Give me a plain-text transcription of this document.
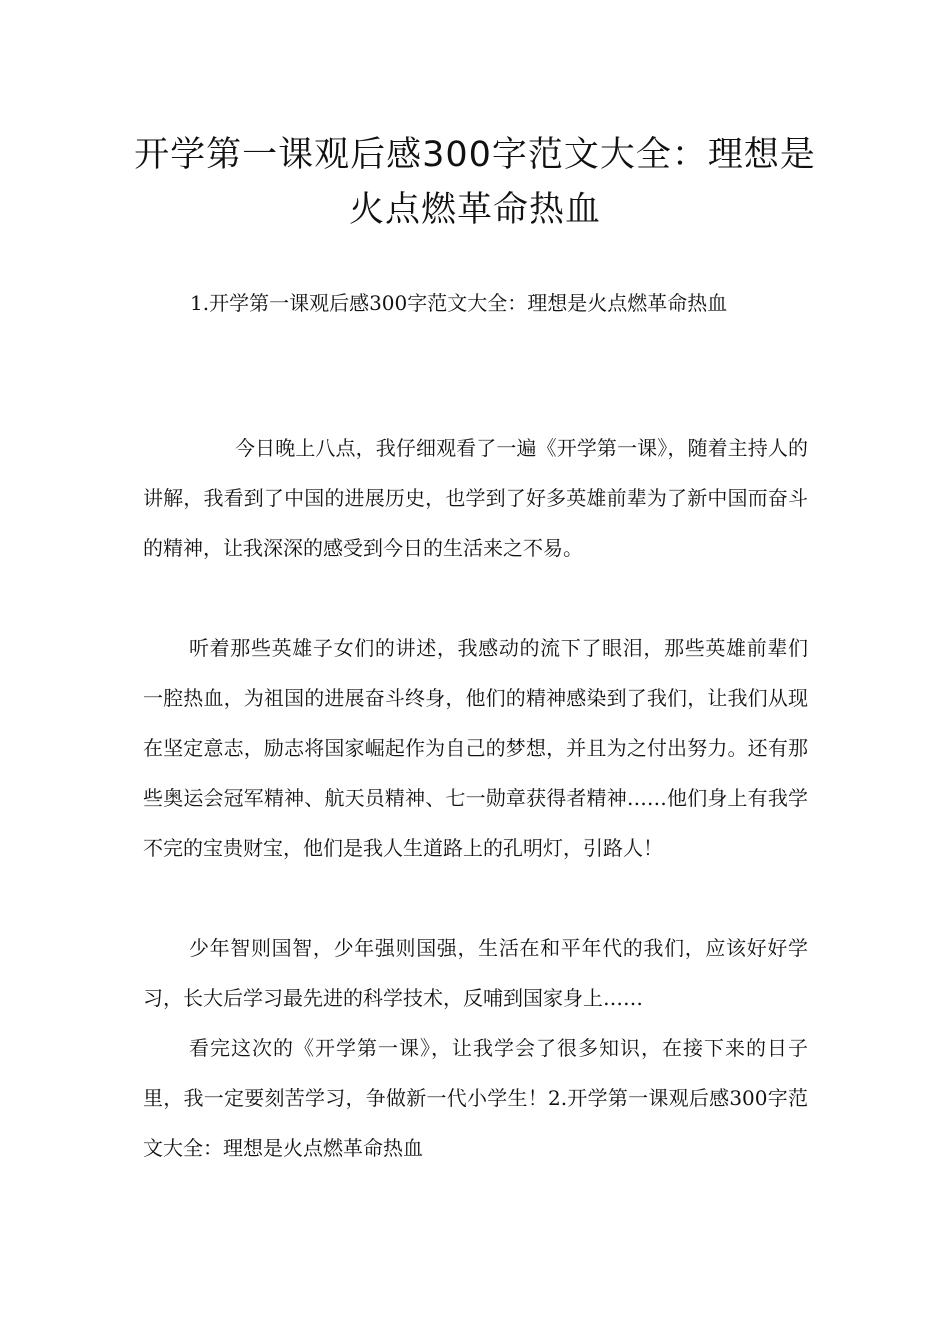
开学第一课观后感300字范文大全：理想是火点燃革命热血

1.开学第一课观后感300字范文大全：理想是火点燃革命热血

今日晚上八点，我仔细观看了一遍《开学第一课》，随着主持人的讲解，我看到了中国的进展历史，也学到了好多英雄前辈为了新中国而奋斗的精神，让我深深的感受到今日的生活来之不易。

听着那些英雄子女们的讲述，我感动的流下了眼泪，那些英雄前辈们一腔热血，为祖国的进展奋斗终身，他们的精神感染到了我们，让我们从现在坚定意志，励志将国家崛起作为自己的梦想，并且为之付出努力。还有那些奥运会冠军精神、航天员精神、七一勋章获得者精神……他们身上有我学不完的宝贵财宝，他们是我人生道路上的孔明灯，引路人！

少年智则国智，少年强则国强，生活在和平年代的我们，应该好好学习，长大后学习最先进的科学技术，反哺到国家身上……

看完这次的《开学第一课》，让我学会了很多知识，在接下来的日子里，我一定要刻苦学习，争做新一代小学生！2.开学第一课观后感300字范文大全：理想是火点燃革命热血
